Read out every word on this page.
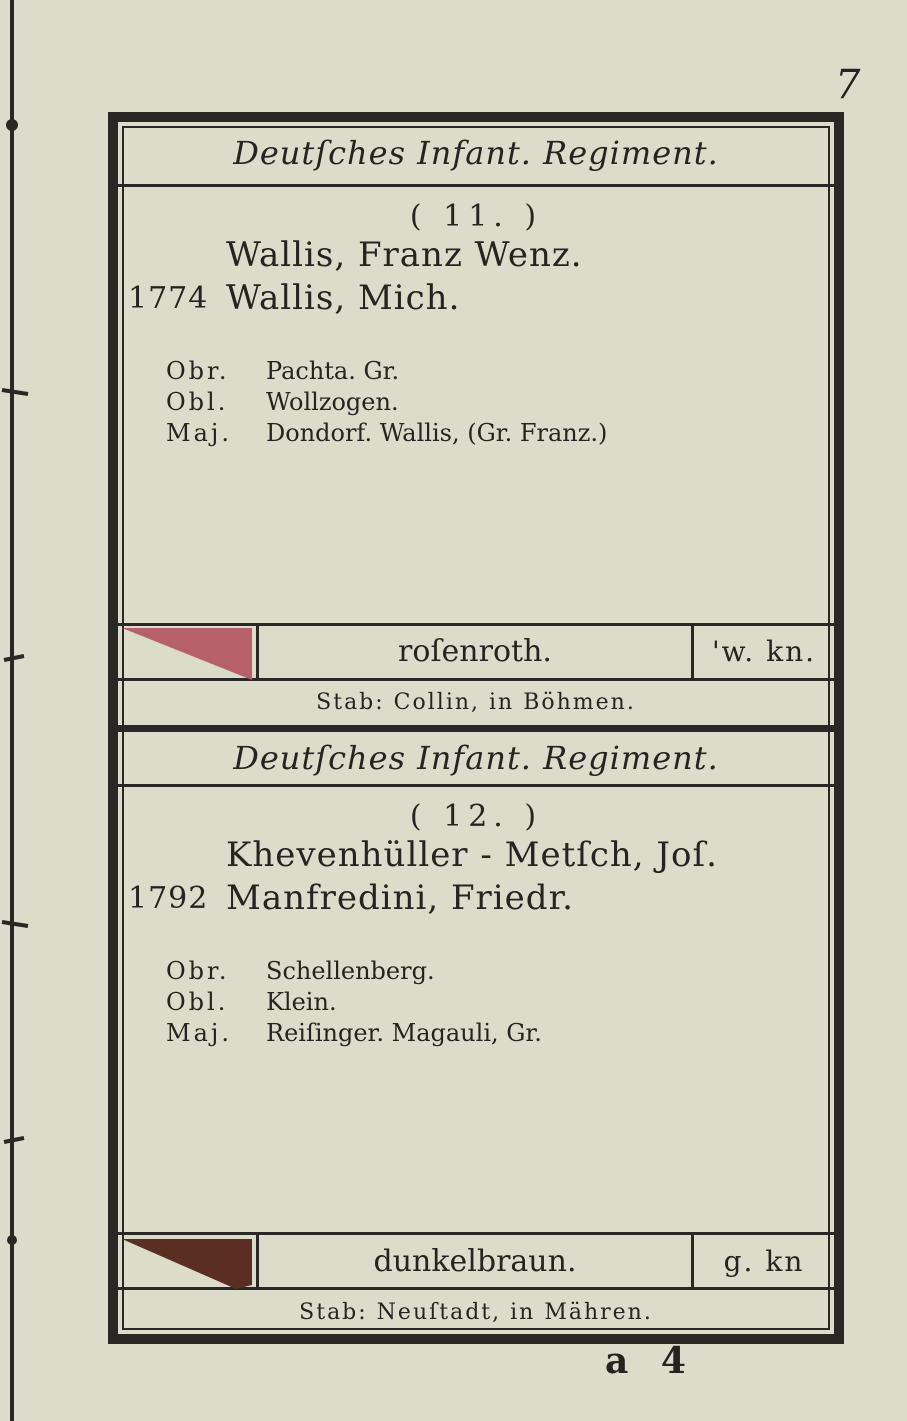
7
Deutſches Infant. Regiment.
( 11. )
Wallis, Franz Wenz.
1774 Wallis, Mich.
Obr.	Pachta. Gr.
Obl.	Wollzogen.
Maj.	Dondorf. Wallis, (Gr. Franz.)
roſenroth.	'w. kn.
Stab: Collin, in Böhmen.
Deutſches Infant. Regiment.
( 12. )
Khevenhüller - Metſch, Joſ.
1792 Manfredini, Friedr.
Obr.	Schellenberg.
Obl.	Klein.
Maj.	Reiſinger. Magauli, Gr.
dunkelbraun.	g. kn
Stab: Neuſtadt, in Mähren.
a 4
